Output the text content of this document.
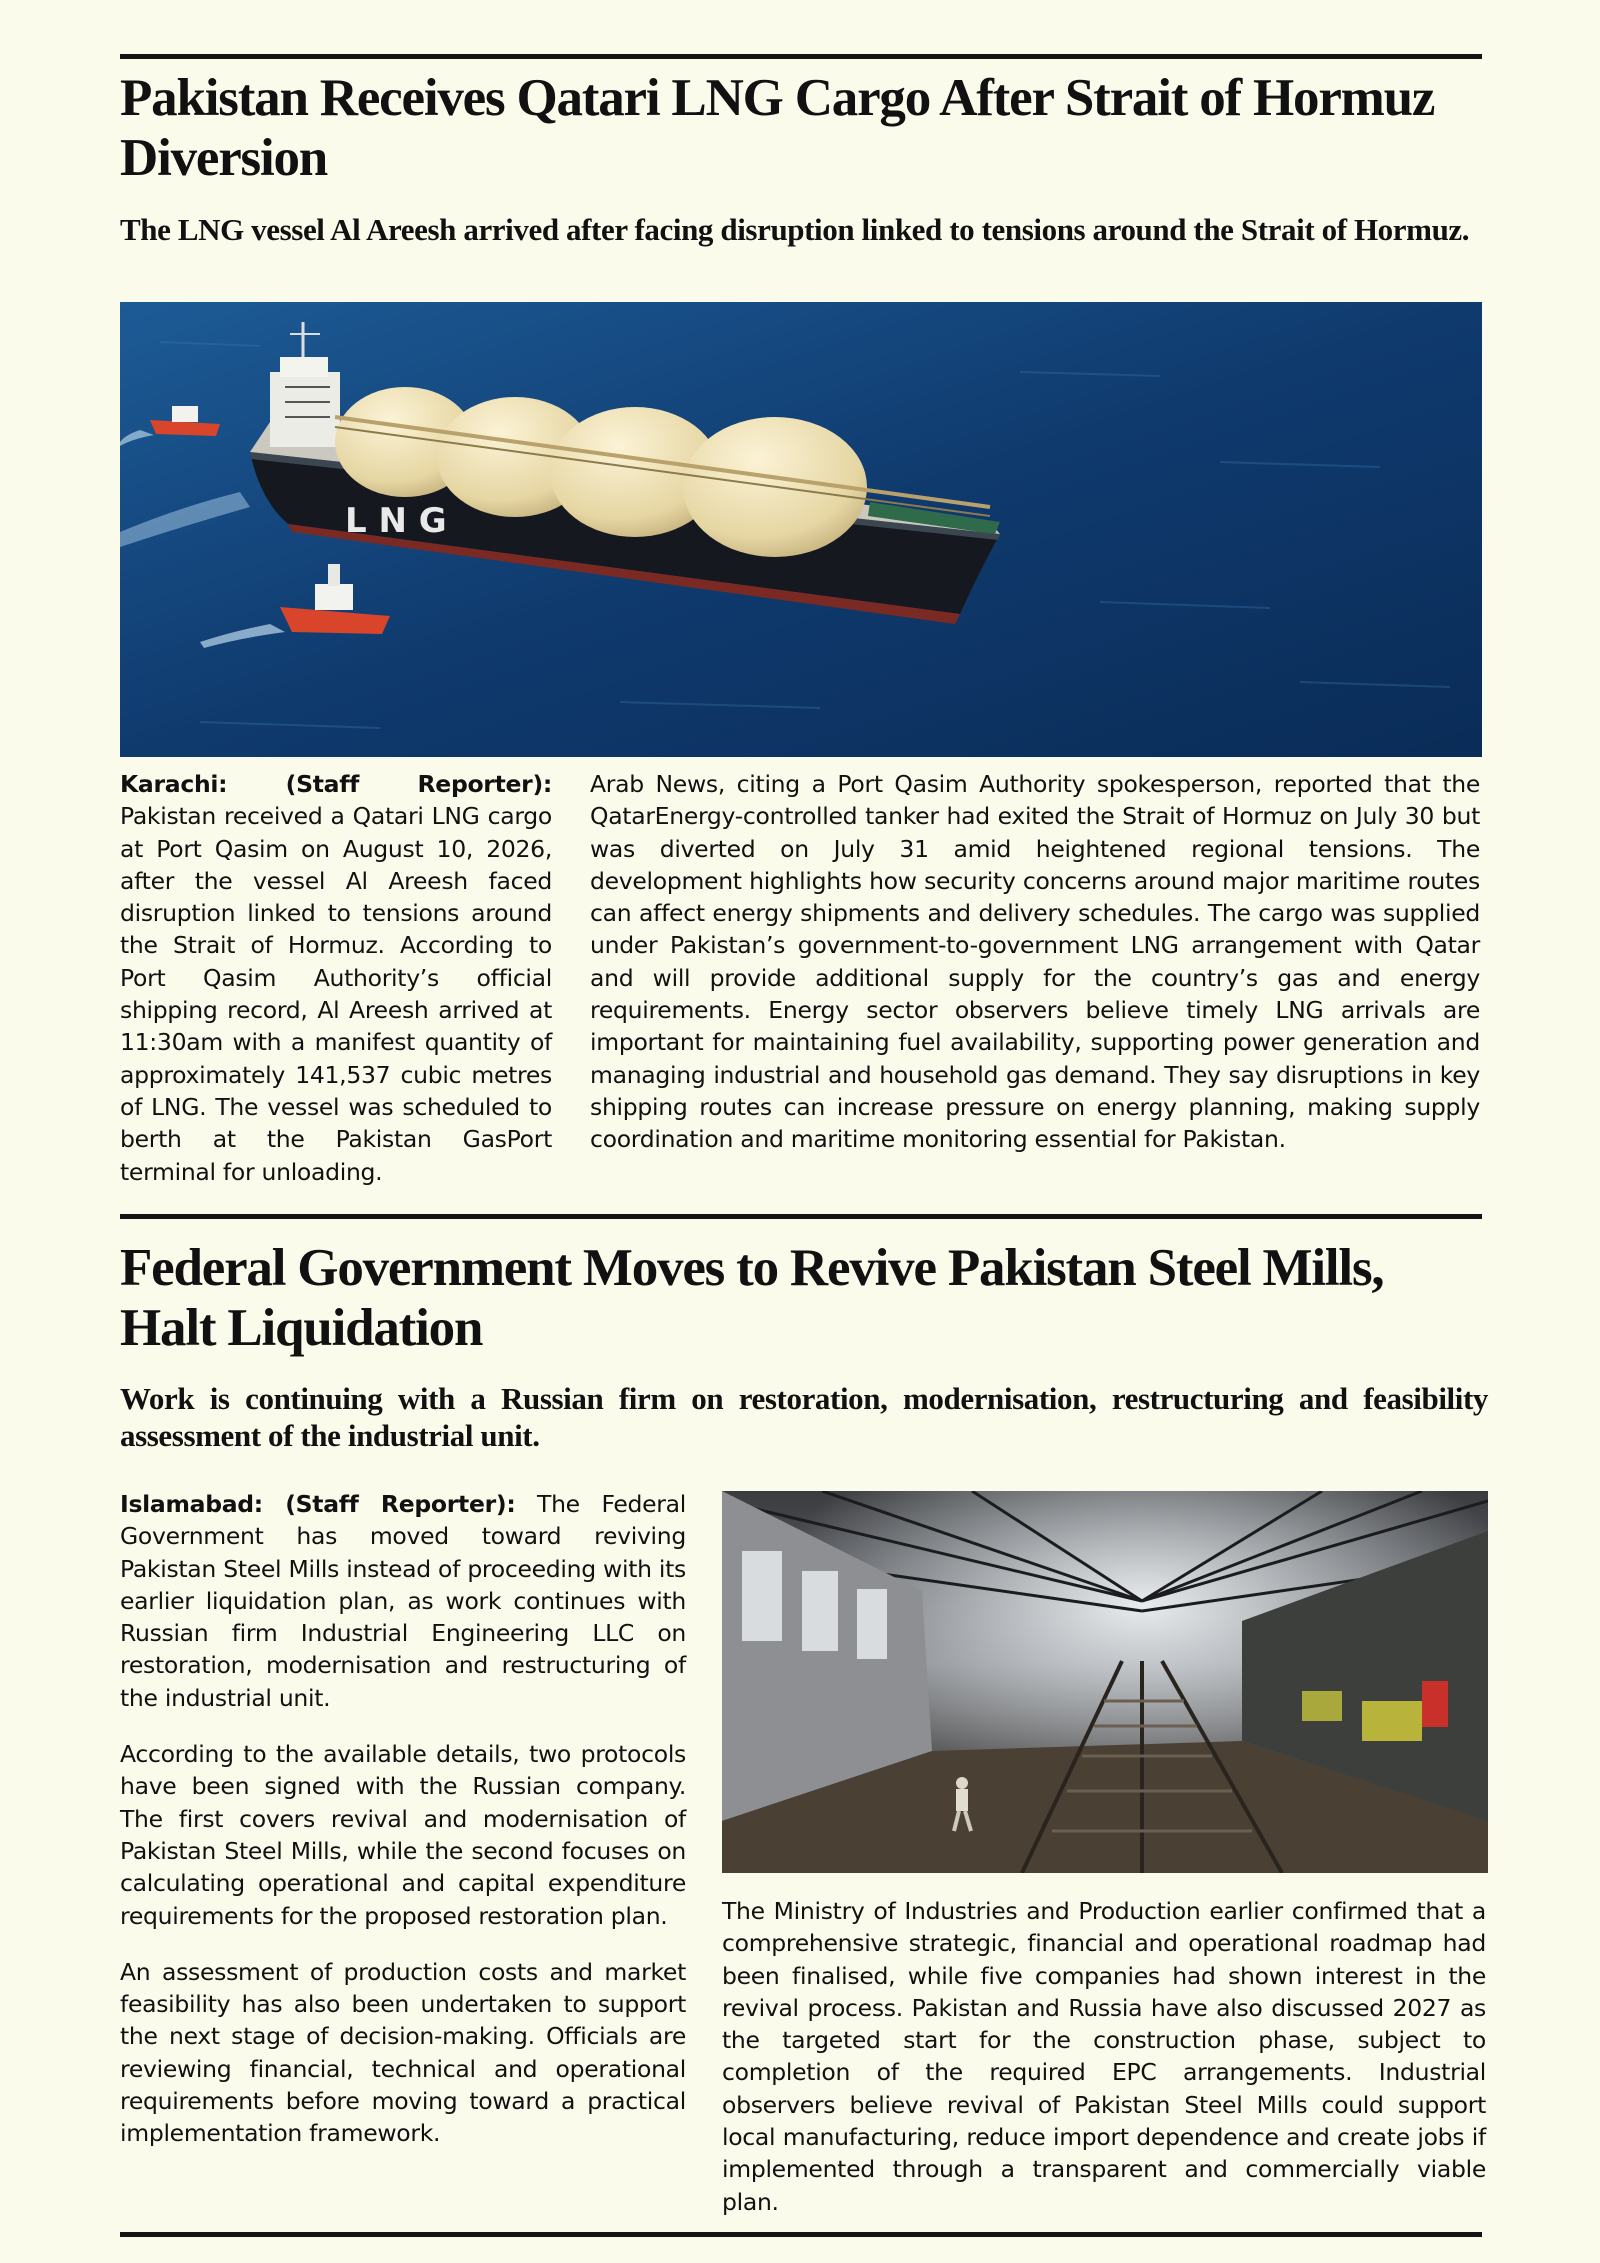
Pakistan Receives Qatari LNG Cargo After Strait of Hormuz Diversion
The LNG vessel Al Areesh arrived after facing disruption linked to tensions around the Strait of Hormuz.
L N G

Karachi: (Staff Reporter): Pakistan received a Qatari LNG cargo at Port Qasim on August 10, 2026, after the vessel Al Areesh faced disruption linked to tensions around the Strait of Hormuz. According to Port Qasim Authority’s official shipping record, Al Areesh arrived at 11:30am with a manifest quantity of approximately 141,537 cubic metres of LNG. The vessel was scheduled to berth at the Pakistan GasPort terminal for unloading.

Arab News, citing a Port Qasim Authority spokesperson, reported that the QatarEnergy-controlled tanker had exited the Strait of Hormuz on July 30 but was diverted on July 31 amid heightened regional tensions. The development highlights how security concerns around major maritime routes can affect energy shipments and delivery schedules. The cargo was supplied under Pakistan’s government-to-government LNG arrangement with Qatar and will provide additional supply for the country’s gas and energy requirements. Energy sector observers believe timely LNG arrivals are important for maintaining fuel availability, supporting power generation and managing industrial and household gas demand. They say disruptions in key shipping routes can increase pressure on energy planning, making supply coordination and maritime monitoring essential for Pakistan.

Federal Government Moves to Revive Pakistan Steel Mills, Halt Liquidation
Work is continuing with a Russian firm on restoration, modernisation, restructuring and feasibility assessment of the industrial unit.

Islamabad: (Staff Reporter): The Federal Government has moved toward reviving Pakistan Steel Mills instead of proceeding with its earlier liquidation plan, as work continues with Russian firm Industrial Engineering LLC on restoration, modernisation and restructuring of the industrial unit.

According to the available details, two protocols have been signed with the Russian company. The first covers revival and modernisation of Pakistan Steel Mills, while the second focuses on calculating operational and capital expenditure requirements for the proposed restoration plan.

An assessment of production costs and market feasibility has also been undertaken to support the next stage of decision-making. Officials are reviewing financial, technical and operational requirements before moving toward a practical implementation framework.

The Ministry of Industries and Production earlier confirmed that a comprehensive strategic, financial and operational roadmap had been finalised, while five companies had shown interest in the revival process. Pakistan and Russia have also discussed 2027 as the targeted start for the construction phase, subject to completion of the required EPC arrangements. Industrial observers believe revival of Pakistan Steel Mills could support local manufacturing, reduce import dependence and create jobs if implemented through a transparent and commercially viable plan.
